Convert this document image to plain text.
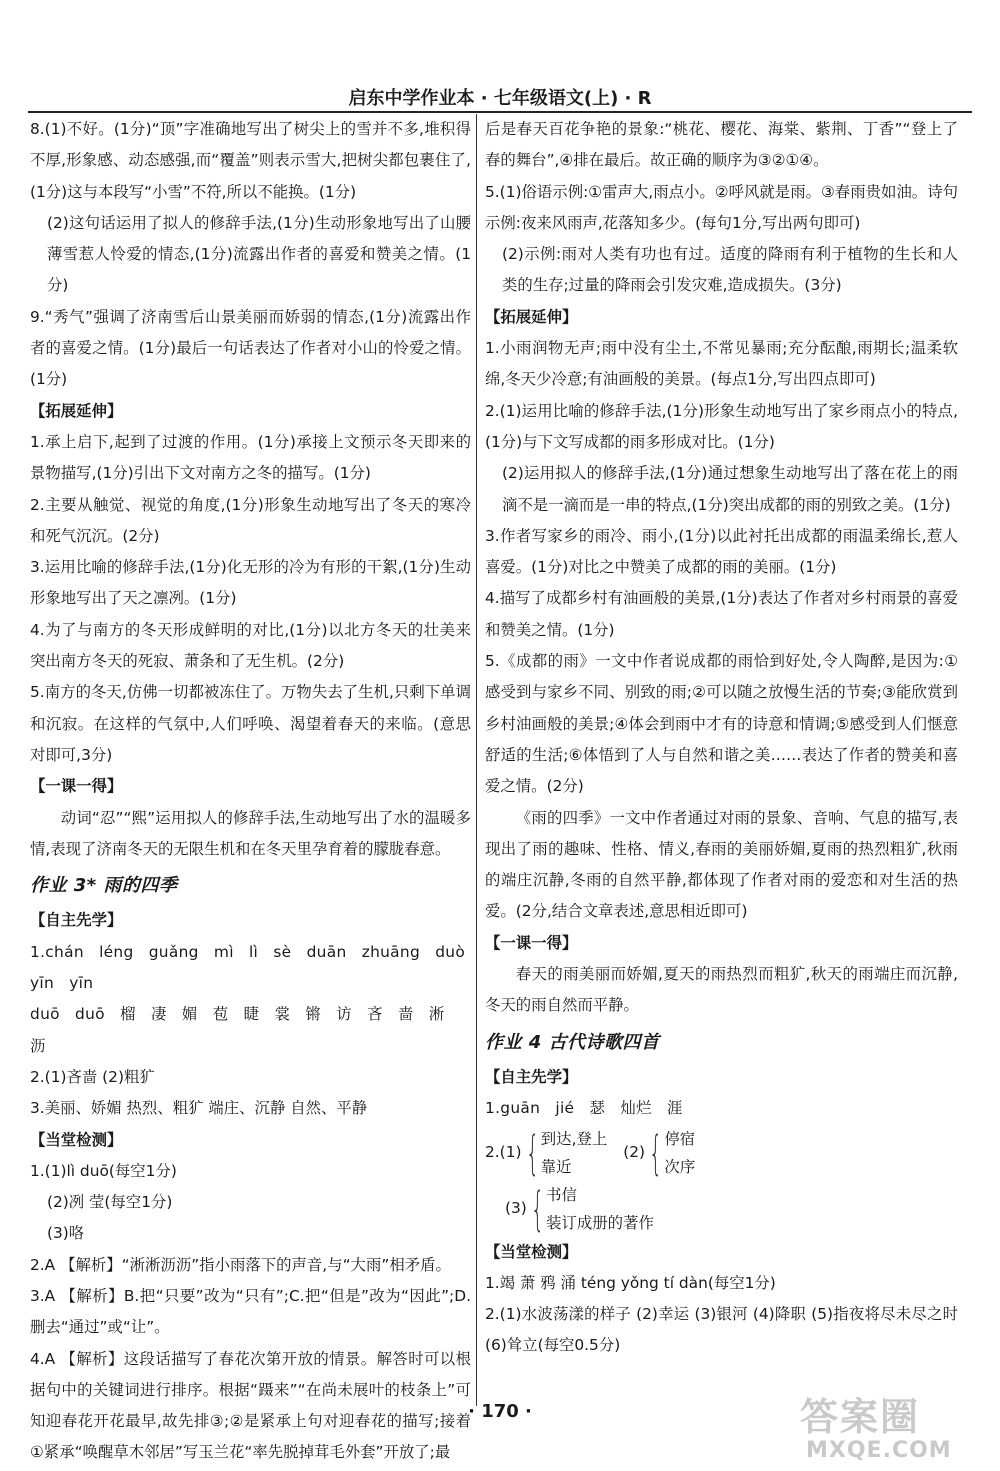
启东中学作业本 · 七年级语文(上) · R

8.(1)不好。(1分)“顶”字准确地写出了树尖上的雪并不多,堆积得不厚,形象感、动态感强,而“覆盖”则表示雪大,把树尖都包裹住了,(1分)这与本段写“小雪”不符,所以不能换。(1分)

(2)这句话运用了拟人的修辞手法,(1分)生动形象地写出了山腰薄雪惹人怜爱的情态,(1分)流露出作者的喜爱和赞美之情。(1分)

9.“秀气”强调了济南雪后山景美丽而娇弱的情态,(1分)流露出作者的喜爱之情。(1分)最后一句话表达了作者对小山的怜爱之情。(1分)

【拓展延伸】

1.承上启下,起到了过渡的作用。(1分)承接上文预示冬天即来的景物描写,(1分)引出下文对南方之冬的描写。(1分)

2.主要从触觉、视觉的角度,(1分)形象生动地写出了冬天的寒冷和死气沉沉。(2分)

3.运用比喻的修辞手法,(1分)化无形的冷为有形的干絮,(1分)生动形象地写出了天之凛冽。(1分)

4.为了与南方的冬天形成鲜明的对比,(1分)以北方冬天的壮美来突出南方冬天的死寂、萧条和了无生机。(2分)

5.南方的冬天,仿佛一切都被冻住了。万物失去了生机,只剩下单调和沉寂。在这样的气氛中,人们呼唤、渴望着春天的来临。(意思对即可,3分)

【一课一得】

动词“忍”“熙”运用拟人的修辞手法,生动地写出了水的温暖多情,表现了济南冬天的无限生机和在冬天里孕育着的朦胧春意。

作业 3* 雨的四季

【自主先学】

1.chán léng guǎng mì lì sè duān zhuāng duò yīn yīn

duō duō 榴 凄 媚 苞 睫 裳 锵 访 吝 啬 淅 沥

2.(1)吝啬 (2)粗犷

3.美丽、娇媚 热烈、粗犷 端庄、沉静 自然、平静

【当堂检测】

1.(1)lì duō(每空1分)

(2)冽 莹(每空1分)

(3)咯

2.A 【解析】“淅淅沥沥”指小雨落下的声音,与“大雨”相矛盾。

3.A 【解析】B.把“只要”改为“只有”;C.把“但是”改为“因此”;D.删去“通过”或“让”。

4.A 【解析】这段话描写了春花次第开放的情景。解答时可以根据句中的关键词进行排序。根据“蹑来”“在尚未展叶的枝条上”可知迎春花开花最早,故先排③;②是紧承上句对迎春花的描写;接着①紧承“唤醒草木邻居”写玉兰花“率先脱掉茸毛外套”开放了;最

后是春天百花争艳的景象:“桃花、樱花、海棠、紫荆、丁香”“登上了春的舞台”,④排在最后。故正确的顺序为③②①④。

5.(1)俗语示例:①雷声大,雨点小。②呼风就是雨。③春雨贵如油。诗句示例:夜来风雨声,花落知多少。(每句1分,写出两句即可)

(2)示例:雨对人类有功也有过。适度的降雨有利于植物的生长和人类的生存;过量的降雨会引发灾难,造成损失。(3分)

【拓展延伸】

1.小雨润物无声;雨中没有尘土,不常见暴雨;充分酝酿,雨期长;温柔软绵,冬天少冷意;有油画般的美景。(每点1分,写出四点即可)

2.(1)运用比喻的修辞手法,(1分)形象生动地写出了家乡雨点小的特点,(1分)与下文写成都的雨多形成对比。(1分)

(2)运用拟人的修辞手法,(1分)通过想象生动地写出了落在花上的雨滴不是一滴而是一串的特点,(1分)突出成都的雨的别致之美。(1分)

3.作者写家乡的雨冷、雨小,(1分)以此衬托出成都的雨温柔绵长,惹人喜爱。(1分)对比之中赞美了成都的雨的美丽。(1分)

4.描写了成都乡村有油画般的美景,(1分)表达了作者对乡村雨景的喜爱和赞美之情。(1分)

5.《成都的雨》一文中作者说成都的雨恰到好处,令人陶醉,是因为:①感受到与家乡不同、别致的雨;②可以随之放慢生活的节奏;③能欣赏到乡村油画般的美景;④体会到雨中才有的诗意和情调;⑤感受到人们惬意舒适的生活;⑥体悟到了人与自然和谐之美……表达了作者的赞美和喜爱之情。(2分)

《雨的四季》一文中作者通过对雨的景象、音响、气息的描写,表现出了雨的趣味、性格、情义,春雨的美丽娇媚,夏雨的热烈粗犷,秋雨的端庄沉静,冬雨的自然平静,都体现了作者对雨的爱恋和对生活的热爱。(2分,结合文章表述,意思相近即可)

【一课一得】

春天的雨美丽而娇媚,夏天的雨热烈而粗犷,秋天的雨端庄而沉静,冬天的雨自然而平静。

作业 4 古代诗歌四首

【自主先学】

1.guān jié 瑟 灿烂 涯

2.(1) { 到达,登上
靠近
(2) { 停宿
次序
(3) { 书信
装订成册的著作

【当堂检测】

1.竭 萧 鸦 涌 téng yǒng tí dàn(每空1分)

2.(1)水波荡漾的样子 (2)幸运 (3)银河 (4)降职 (5)指夜将尽未尽之时 (6)耸立(每空0.5分)

· 170 ·	答案圈
MXQE.COM
